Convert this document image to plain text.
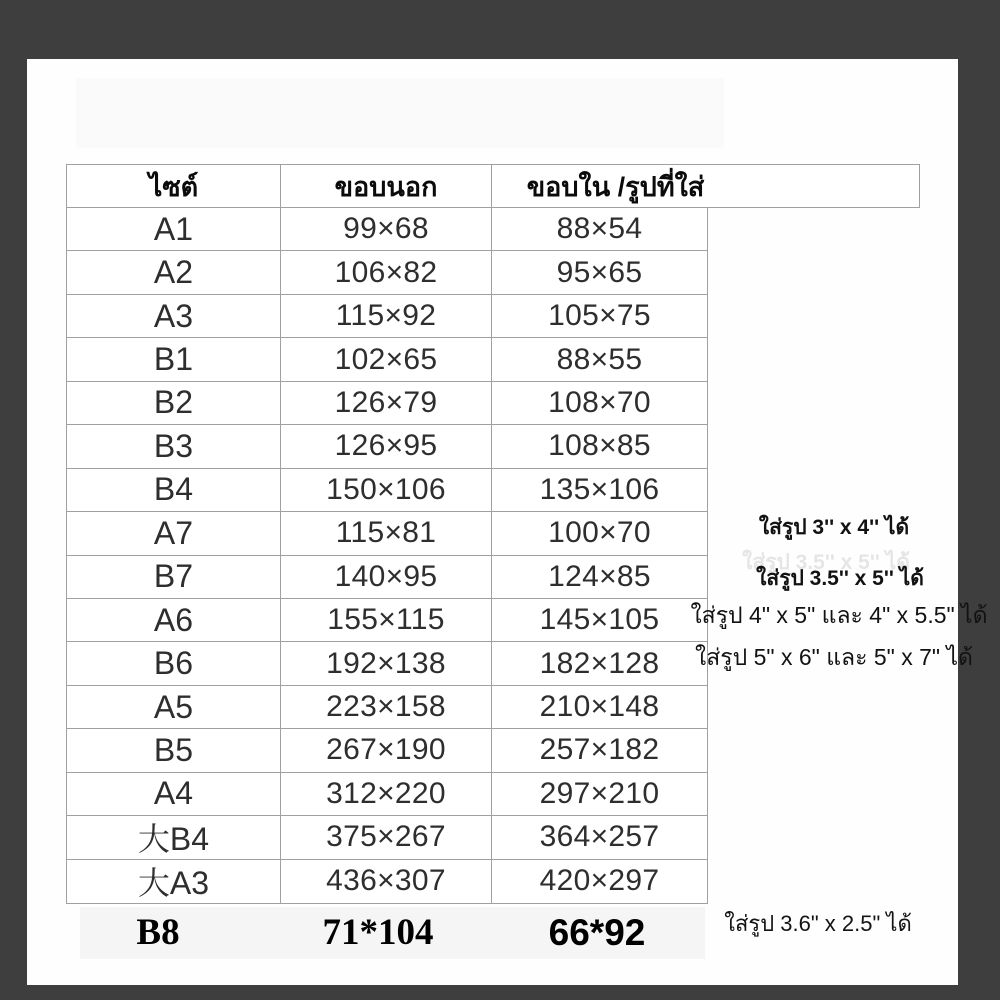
ไซต์	ขอบนอก	ขอบใน /รูปที่ใส่
A1	99×68	88×54
A2	106×82	95×65
A3	115×92	105×75
B1	102×65	88×55
B2	126×79	108×70
B3	126×95	108×85
B4	150×106	135×106
A7	115×81	100×70
B7	140×95	124×85
A6	155×115	145×105
B6	192×138	182×128
A5	223×158	210×148
B5	267×190	257×182
A4	312×220	297×210
大B4	375×267	364×257
大A3	436×307	420×297
B8	71*104	66*92	ใส่รูป 3.6" x 2.5" ได้
ใส่รูป 3'' x 4'' ได้
ใส่รูป 3.5'' x 5'' ได้
ใส่รูป 3.5'' x 5'' ได้
ใส่รูป 4" x 5" และ 4" x 5.5" ได้
ใส่รูป 5" x 6" และ 5" x 7" ได้
